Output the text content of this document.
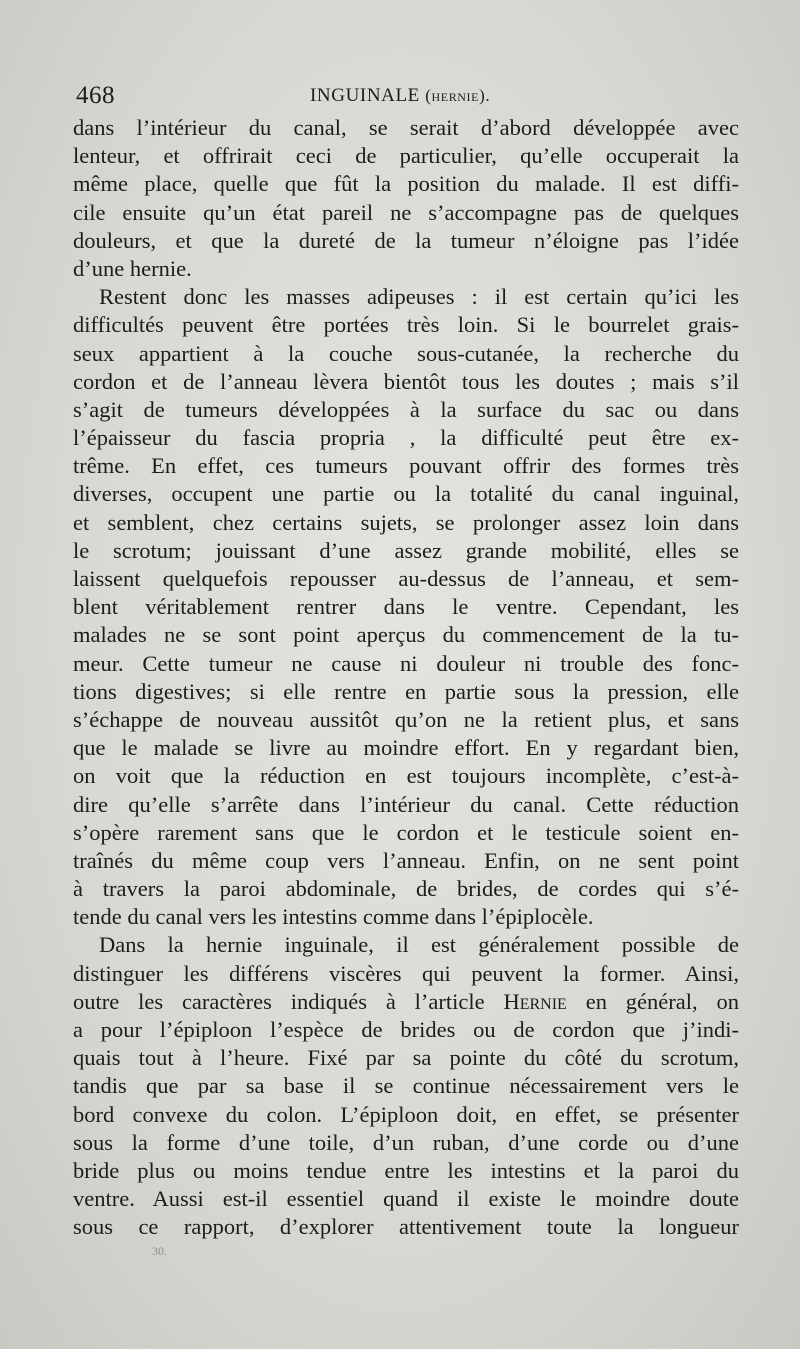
468	INGUINALE (hernie).
dans l’intérieur du canal, se serait d’abord développée avec
lenteur, et offrirait ceci de particulier, qu’elle occuperait la
même place, quelle que fût la position du malade. Il est diffi-
cile ensuite qu’un état pareil ne s’accompagne pas de quelques
douleurs, et que la dureté de la tumeur n’éloigne pas l’idée
d’une hernie.
Restent donc les masses adipeuses : il est certain qu’ici les
difficultés peuvent être portées très loin. Si le bourrelet grais-
seux appartient à la couche sous-cutanée, la recherche du
cordon et de l’anneau lèvera bientôt tous les doutes ; mais s’il
s’agit de tumeurs développées à la surface du sac ou dans
l’épaisseur du fascia propria , la difficulté peut être ex-
trême. En effet, ces tumeurs pouvant offrir des formes très
diverses, occupent une partie ou la totalité du canal inguinal,
et semblent, chez certains sujets, se prolonger assez loin dans
le scrotum; jouissant d’une assez grande mobilité, elles se
laissent quelquefois repousser au-dessus de l’anneau, et sem-
blent véritablement rentrer dans le ventre. Cependant, les
malades ne se sont point aperçus du commencement de la tu-
meur. Cette tumeur ne cause ni douleur ni trouble des fonc-
tions digestives; si elle rentre en partie sous la pression, elle
s’échappe de nouveau aussitôt qu’on ne la retient plus, et sans
que le malade se livre au moindre effort. En y regardant bien,
on voit que la réduction en est toujours incomplète, c’est-à-
dire qu’elle s’arrête dans l’intérieur du canal. Cette réduction
s’opère rarement sans que le cordon et le testicule soient en-
traînés du même coup vers l’anneau. Enfin, on ne sent point
à travers la paroi abdominale, de brides, de cordes qui s’é-
tende du canal vers les intestins comme dans l’épiplocèle.
Dans la hernie inguinale, il est généralement possible de
distinguer les différens viscères qui peuvent la former. Ainsi,
outre les caractères indiqués à l’article Hernie en général, on
a pour l’épiploon l’espèce de brides ou de cordon que j’indi-
quais tout à l’heure. Fixé par sa pointe du côté du scrotum,
tandis que par sa base il se continue nécessairement vers le
bord convexe du colon. L’épiploon doit, en effet, se présenter
sous la forme d’une toile, d’un ruban, d’une corde ou d’une
bride plus ou moins tendue entre les intestins et la paroi du
ventre. Aussi est-il essentiel quand il existe le moindre doute
sous ce rapport, d’explorer attentivement toute la longueur
30.
